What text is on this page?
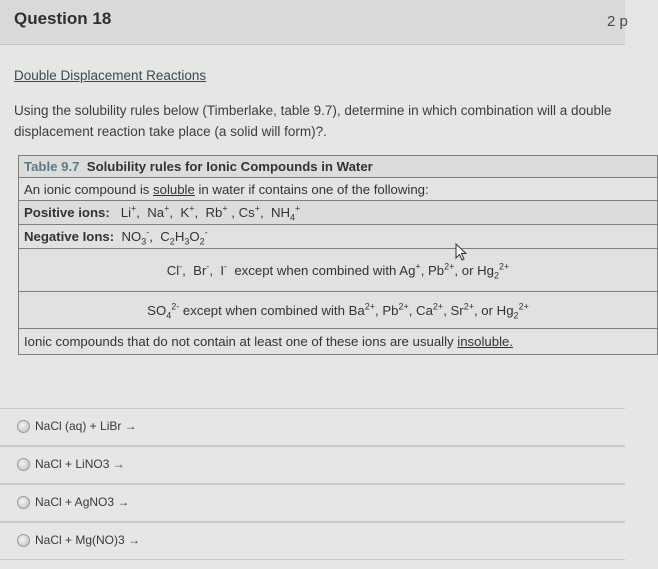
Question 18	2 p
Double Displacement Reactions
Using the solubility rules below (Timberlake, table 9.7), determine in which combination will a double displacement reaction take place (a solid will form)?.
Table 9.7 Solubility rules for Ionic Compounds in Water
An ionic compound is soluble in water if contains one of the following:
Positive ions:   Li+,  Na+,  K+,  Rb+ , Cs+,  $NH_4^+$
Negative Ions:  $NO_3^-$,  $C_2H_3O_2^-$
Cl-,  Br-,  I-  except when combined with Ag+, $Pb^{2+}$, or $Hg_2^{2+}$
$SO_4^{2-}$ except when combined with $Ba^{2+}$, $Pb^{2+}$, $Ca^{2+}$, $Sr^{2+}$, or $Hg_2^{2+}$
Ionic compounds that do not contain at least one of these ions are usually insoluble.
NaCl (aq) + LiBr →
NaCl + LiNO3 →
NaCl + AgNO3 →
NaCl + Mg(NO)3 →
